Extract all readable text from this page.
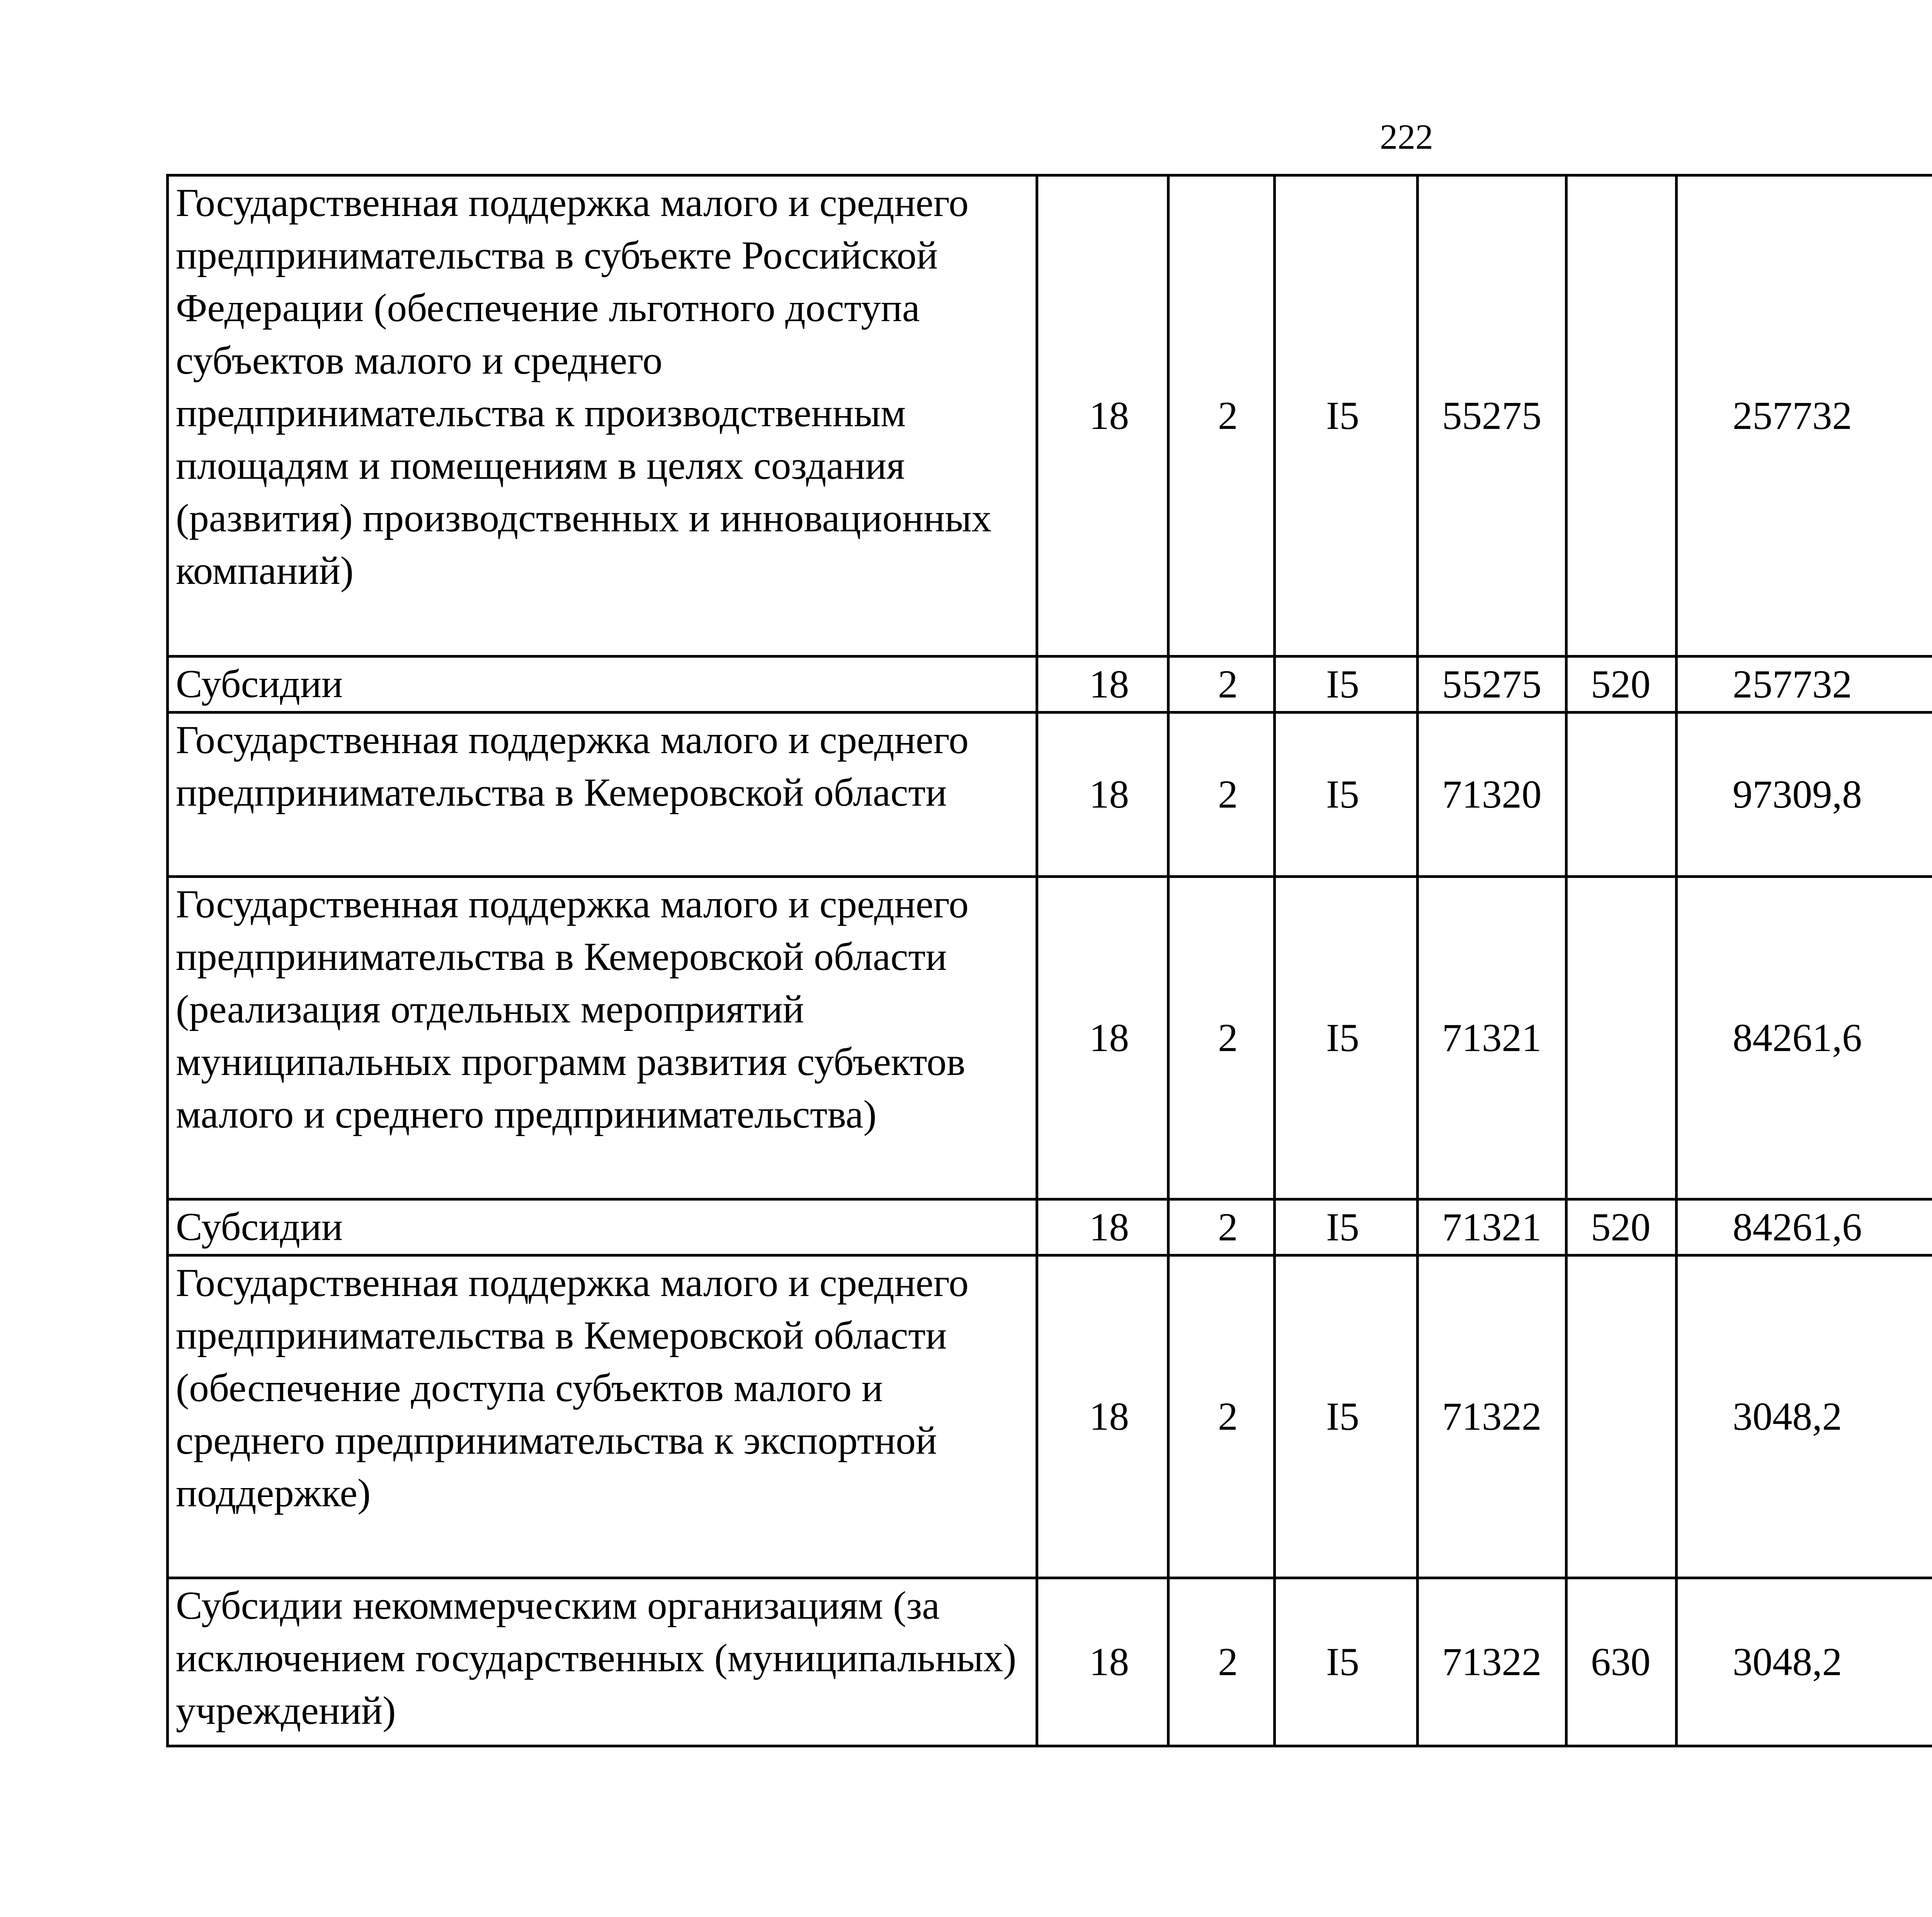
222
Государственная поддержка малого и среднего предпринимательства в субъекте Российской Федерации (обеспечение льготного доступа субъектов малого и среднего предпринимательства к производственным площадям и помещениям в целях создания (развития) производственных и инновационных компаний)	18	2	I5	55275		257732		
Субсидии	18	2	I5	55275	520	257732		
Государственная поддержка малого и среднего предпринимательства в Кемеровской области	18	2	I5	71320		97309,8		
Государственная поддержка малого и среднего предпринимательства в Кемеровской области (реализация отдельных мероприятий муниципальных программ развития субъектов малого и среднего предпринимательства)	18	2	I5	71321		84261,6		
Субсидии	18	2	I5	71321	520	84261,6		
Государственная поддержка малого и среднего предпринимательства в Кемеровской области (обеспечение доступа субъектов малого и среднего предпринимательства к экспортной поддержке)	18	2	I5	71322		3048,2		
Субсидии некоммерческим организациям (за исключением государственных (муниципальных) учреждений)	18	2	I5	71322	630	3048,2		
